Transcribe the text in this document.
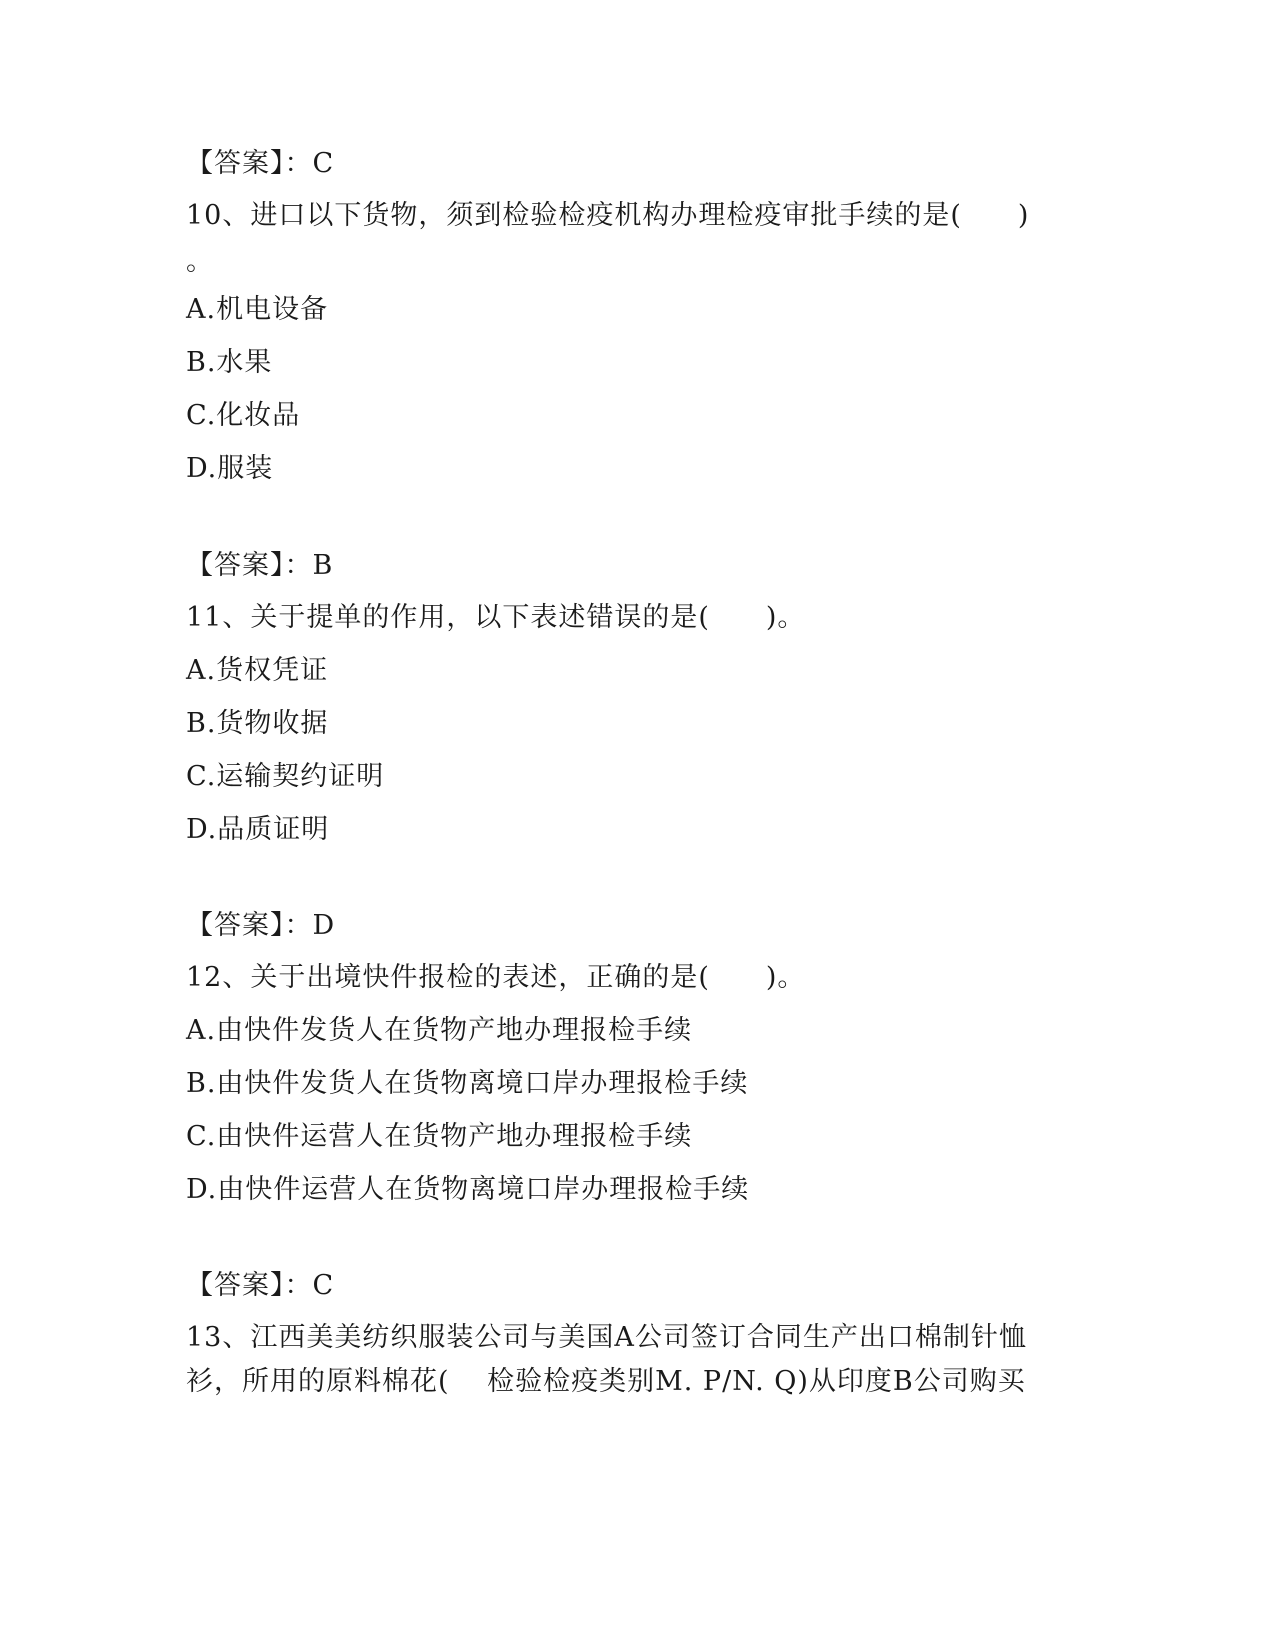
【答案】：C
10、进口以下货物，须到检验检疫机构办理检疫审批手续的是(　　)
。
A.机电设备
B.水果
C.化妆品
D.服装
【答案】：B
11、关于提单的作用，以下表述错误的是(　　)。
A.货权凭证
B.货物收据
C.运输契约证明
D.品质证明
【答案】：D
12、关于出境快件报检的表述，正确的是(　　)。
A.由快件发货人在货物产地办理报检手续
B.由快件发货人在货物离境口岸办理报检手续
C.由快件运营人在货物产地办理报检手续
D.由快件运营人在货物离境口岸办理报检手续
【答案】：C
13、江西美美纺织服装公司与美国A公司签订合同生产出口棉制针恤
衫，所用的原料棉花(　 检验检疫类别M. P/N. Q)从印度B公司购买
